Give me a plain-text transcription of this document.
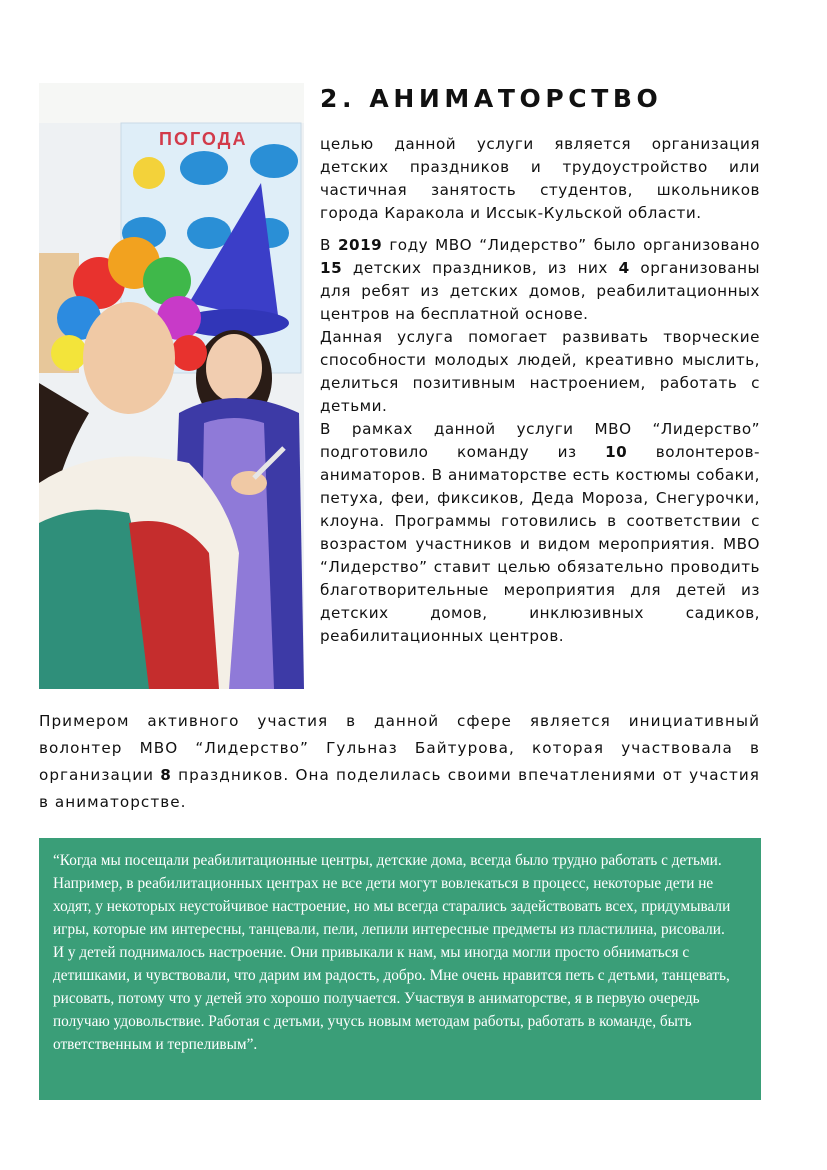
ПОГОДА
2. АНИМАТОРСТВО

целью данной услуги является организация детских праздников и трудоустройство или частичная занятость студентов, школьников города Каракола и Иссык-Кульской области.

В 2019 году МВО “Лидерство” было организовано 15 детских праздников, из них 4 организованы для ребят из детских домов, реабилитационных центров на бесплатной основе.

Данная услуга помогает развивать творческие способности молодых людей, креативно мыслить, делиться позитивным настроением, работать с детьми.

В рамках данной услуги МВО “Лидерство” подготовило команду из 10 волонтеров-аниматоров. В аниматорстве есть костюмы собаки, петуха, феи, фиксиков, Деда Мороза, Снегурочки, клоуна. Программы готовились в соответствии с возрастом участников и видом мероприятия. МВО “Лидерство” ставит целью обязательно проводить благотворительные мероприятия для детей из детских домов, инклюзивных садиков, реабилитационных центров.

Примером активного участия в данной сфере является инициативный волонтер МВО “Лидерство” Гульназ Байтурова, которая участвовала в организации 8 праздников. Она поделилась своими впечатлениями от участия в аниматорстве.

“Когда мы посещали реабилитационные центры, детские дома, всегда было трудно работать с детьми. Например, в реабилитационных центрах не все дети могут вовлекаться в процесс, некоторые дети не ходят, у некоторых неустойчивое настроение, но мы всегда старались задействовать всех, придумывали игры, которые им интересны, танцевали, пели, лепили интересные предметы из пластилина, рисовали. И у детей поднималось настроение. Они привыкали к нам, мы иногда могли просто обниматься с детишками, и чувствовали, что дарим им радость, добро. Мне очень нравится петь с детьми, танцевать, рисовать, потому что у детей это хорошо получается. Участвуя в аниматорстве, я в первую очередь получаю удовольствие. Работая с детьми, учусь новым методам работы, работать в команде, быть ответственным и терпеливым”.
